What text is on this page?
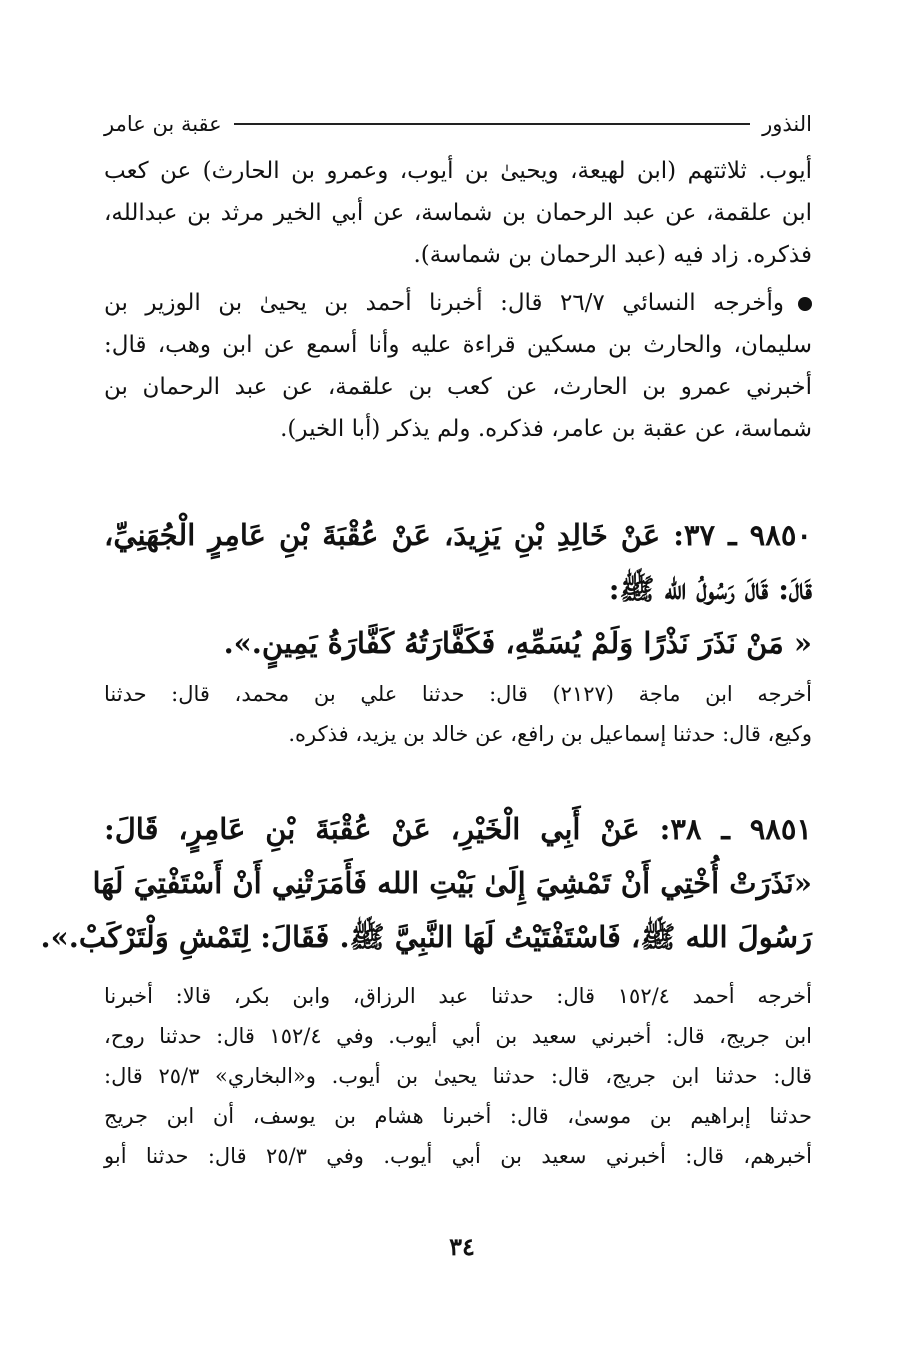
النذور
عقبة بن عامر
أيوب. ثلاثتهم (ابن لهيعة، ويحيىٰ بن أيوب، وعمرو بن الحارث) عن كعب
ابن علقمة، عن عبد الرحمان بن شماسة، عن أبي الخير مرثد بن عبدالله،
فذكره. زاد فيه (عبد الرحمان بن شماسة).
وأخرجه النسائي ٢٦/٧ قال: أخبرنا أحمد بن يحيىٰ بن الوزير بن
سليمان، والحارث بن مسكين قراءة عليه وأنا أسمع عن ابن وهب، قال:
أخبرني عمرو بن الحارث، عن كعب بن علقمة، عن عبد الرحمان بن
شماسة، عن عقبة بن عامر، فذكره. ولم يذكر (أبا الخير).
٩٨٥٠ ـ ٣٧: عَنْ خَالِدِ بْنِ يَزِيدَ، عَنْ عُقْبَةَ بْنِ عَامِرٍ الْجُهَنِيِّ،
قَالَ: قَالَ رَسُولُ الله ﷺ:
« مَنْ نَذَرَ نَذْرًا وَلَمْ يُسَمِّهِ، فَكَفَّارَتُهُ كَفَّارَةُ يَمِينٍ.».
أخرجه ابن ماجة (٢١٢٧) قال: حدثنا علي بن محمد، قال: حدثنا
وكيع، قال: حدثنا إسماعيل بن رافع، عن خالد بن يزيد، فذكره.
٩٨٥١ ـ ٣٨: عَنْ أَبِي الْخَيْرِ، عَنْ عُقْبَةَ بْنِ عَامِرٍ، قَالَ:
«نَذَرَتْ أُخْتِي أَنْ تَمْشِيَ إِلَىٰ بَيْتِ الله فَأَمَرَتْنِي أَنْ أَسْتَفْتِيَ لَهَا
رَسُولَ الله ﷺ، فَاسْتَفْتَيْتُ لَهَا النَّبِيَّ ﷺ. فَقَالَ: لِتَمْشِ وَلْتَرْكَبْ.».
أخرجه أحمد ١٥٢/٤ قال: حدثنا عبد الرزاق، وابن بكر، قالا: أخبرنا
ابن جريج، قال: أخبرني سعيد بن أبي أيوب. وفي ١٥٢/٤ قال: حدثنا روح،
قال: حدثنا ابن جريج، قال: حدثنا يحيىٰ بن أيوب. و«البخاري» ٢٥/٣ قال:
حدثنا إبراهيم بن موسىٰ، قال: أخبرنا هشام بن يوسف، أن ابن جريج
أخبرهم، قال: أخبرني سعيد بن أبي أيوب. وفي ٢٥/٣ قال: حدثنا أبو
٣٤
